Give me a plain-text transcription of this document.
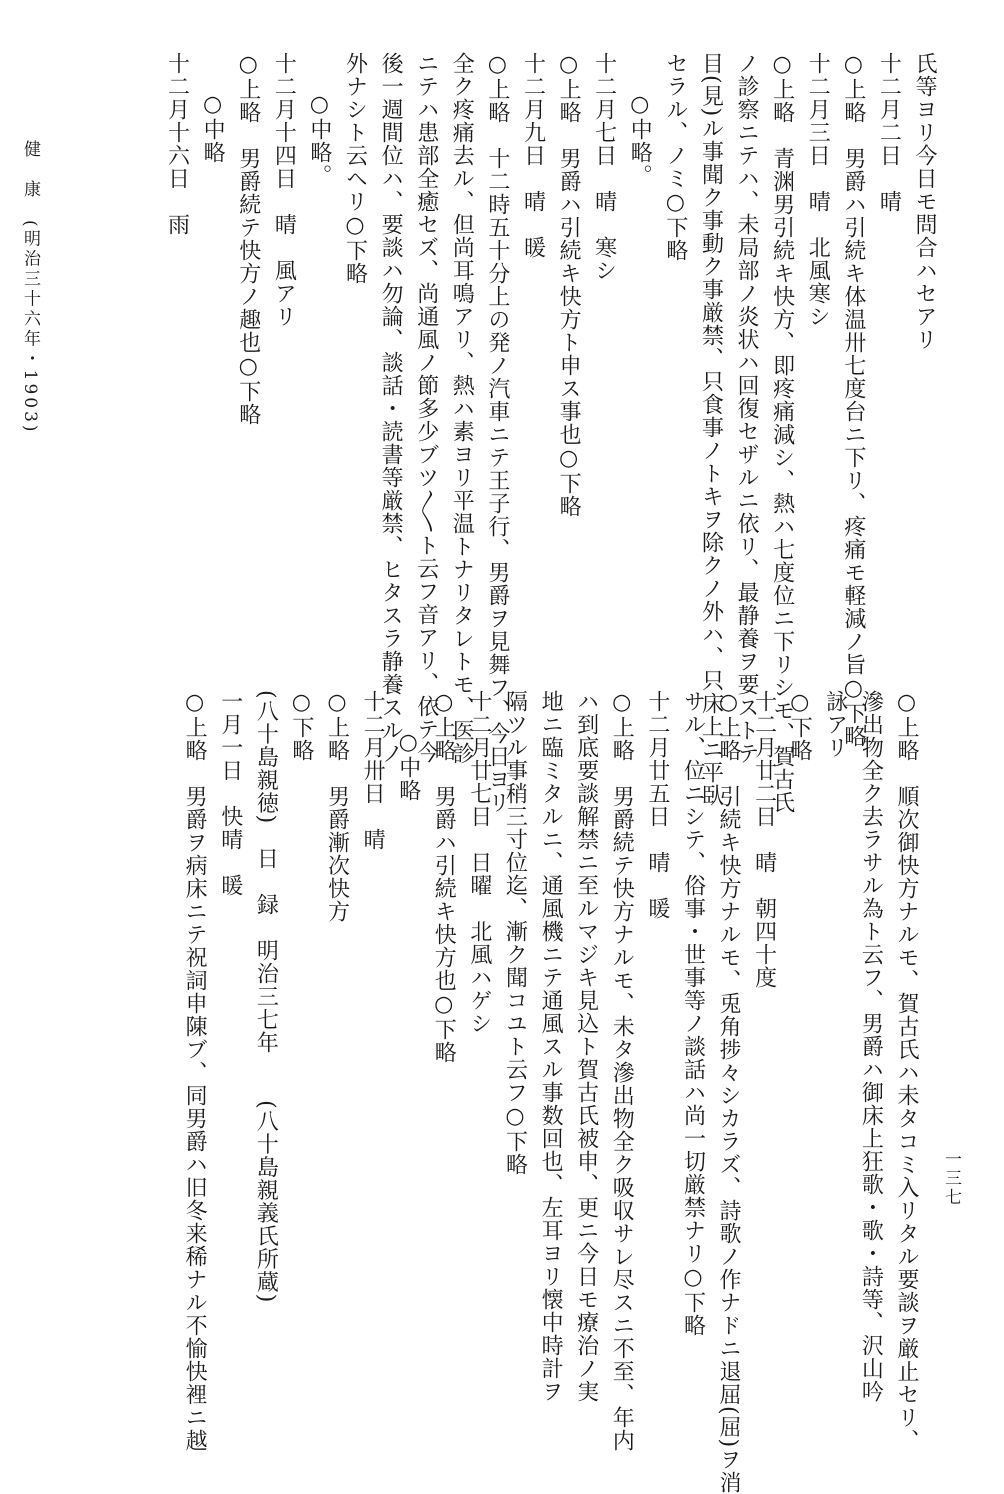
健　康　(明治三十六年・1903)	氏等ヨリ今日モ問合ハセアリ
十二月二日　晴
○上略　男爵ハ引続キ体温卅七度台ニ下リ、疼痛モ軽減ノ旨○下略
十二月三日　晴　北風寒シ
○上略　青渊男引続キ快方、即疼痛減シ、熱ハ七度位ニ下リシモ、賀古氏
ノ診察ニテハ、未局部ノ炎状ハ回復セザルニ依リ、最静養ヲ要ストテ
目(見)ル事聞ク事動ク事厳禁、只食事ノトキヲ除クノ外ハ、只床上ニ平臥
セラル、ノミ○下略
○中略。
十二月七日　晴　寒シ
○上略　男爵ハ引続キ快方ト申ス事也○下略
十二月九日　晴　暖
○上略　十二時五十分上の発ノ汽車ニテ王子行、男爵ヲ見舞フ、今日ヨリ
全ク疼痛去ル、但尚耳鳴アリ、熱ハ素ヨリ平温トナリタレトモ、医診
ニテハ患部全癒セズ、尚通風ノ節多少ブツ〱ト云フ音アリ、依テ今
後一週間位ハ、要談ハ勿論、談話・読書等厳禁、ヒタスラ静養スルノ
外ナシト云ヘリ○下略
○中略。
十二月十四日　晴　風アリ
○上略　男爵続テ快方ノ趣也○下略
○中略
十二月十六日　雨
○上略　順次御快方ナルモ、賀古氏ハ未タコミ入リタル要談ヲ厳止セリ、
滲出物全ク去ラサル為ト云フ、男爵ハ御床上狂歌・歌・詩等、沢山吟
詠アリ
○下略
十二月廿二日　晴　朝四十度
○上略　引続キ快方ナルモ、兎角捗々シカラズ、詩歌ノ作ナドニ退屈(屈)ヲ消
サル、位ニシテ、俗事・世事等ノ談話ハ尚一切厳禁ナリ○下略
十二月廿五日　晴　暖
○上略　男爵続テ快方ナルモ、未タ滲出物全ク吸収サレ尽スニ不至、年内
ハ到底要談解禁ニ至ルマジキ見込ト賀古氏被申、更ニ今日モ療治ノ実
地ニ臨ミタルニ、通風機ニテ通風スル事数回也、左耳ヨリ懐中時計ヲ
隔ツル事稍三寸位迄、漸ク聞コユト云フ○下略
十二月廿七日　日曜　北風ハゲシ
○上略　男爵ハ引続キ快方也○下略
○中略
十二月卅日　晴
○上略　男爵漸次快方
○下略
(八十島親徳)　日　録　明治三七年　　(八十島親義氏所蔵)
一月一日　快晴　暖
○上略　男爵ヲ病床ニテ祝詞申陳ブ、同男爵ハ旧冬来稀ナル不愉快裡ニ越	一三七
